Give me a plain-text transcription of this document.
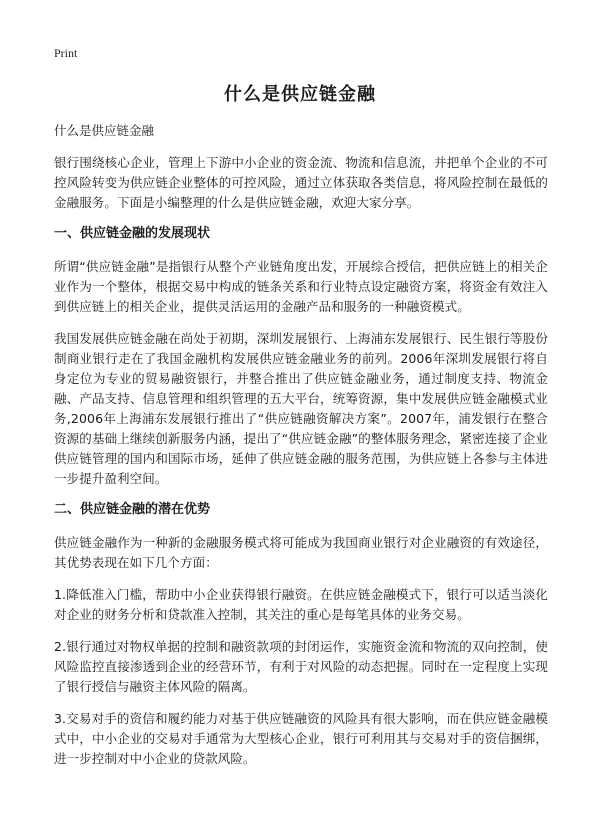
Print
什么是供应链金融
什么是供应链金融

银行围绕核心企业，管理上下游中小企业的资金流、物流和信息流，并把单个企业的不可控风险转变为供应链企业整体的可控风险，通过立体获取各类信息，将风险控制在最低的金融服务。下面是小编整理的什么是供应链金融，欢迎大家分享。

一、供应链金融的发展现状

所谓“供应链金融”是指银行从整个产业链角度出发，开展综合授信，把供应链上的相关企业作为一个整体，根据交易中构成的链条关系和行业特点设定融资方案，将资金有效注入到供应链上的相关企业，提供灵活运用的金融产品和服务的一种融资模式。

我国发展供应链金融在尚处于初期，深圳发展银行、上海浦东发展银行、民生银行等股份制商业银行走在了我国金融机构发展供应链金融业务的前列。2006年深圳发展银行将自身定位为专业的贸易融资银行，并整合推出了供应链金融业务，通过制度支持、物流金融、产品支持、信息管理和组织管理的五大平台，统筹资源，集中发展供应链金融模式业务,2006年上海浦东发展银行推出了“供应链融资解决方案”。2007年，浦发银行在整合资源的基础上继续创新服务内涵，提出了“供应链金融”的整体服务理念，紧密连接了企业供应链管理的国内和国际市场，延伸了供应链金融的服务范围，为供应链上各参与主体进一步提升盈利空间。

二、供应链金融的潜在优势

供应链金融作为一种新的金融服务模式将可能成为我国商业银行对企业融资的有效途径，其优势表现在如下几个方面：

1.降低准入门槛，帮助中小企业获得银行融资。在供应链金融模式下，银行可以适当淡化对企业的财务分析和贷款准入控制，其关注的重心是每笔具体的业务交易。

2.银行通过对物权单据的控制和融资款项的封闭运作，实施资金流和物流的双向控制，使风险监控直接渗透到企业的经营环节，有利于对风险的动态把握。同时在一定程度上实现了银行授信与融资主体风险的隔离。

3.交易对手的资信和履约能力对基于供应链融资的风险具有很大影响，而在供应链金融模式中，中小企业的交易对手通常为大型核心企业，银行可利用其与交易对手的资信捆绑，进一步控制对中小企业的贷款风险。
